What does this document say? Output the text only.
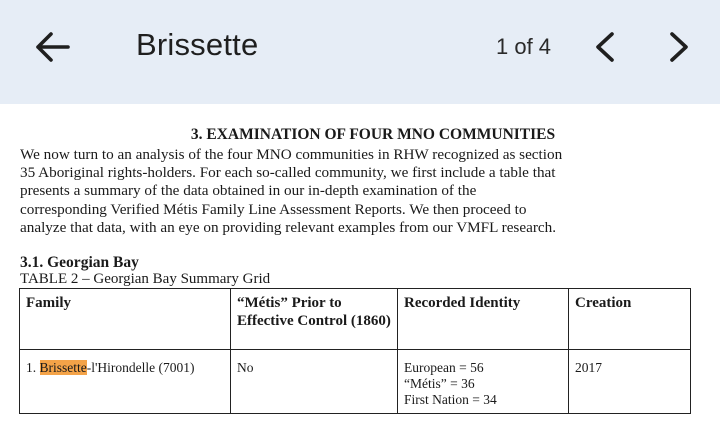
Brissette	1 of 4
3. EXAMINATION OF FOUR MNO COMMUNITIES
We now turn to an analysis of the four MNO communities in RHW recognized as section
35 Aboriginal rights-holders. For each so-called community, we first include a table that
presents a summary of the data obtained in our in-depth examination of the
corresponding Verified Métis Family Line Assessment Reports. We then proceed to
analyze that data, with an eye on providing relevant examples from our VMFL research.
3.1. Georgian Bay
TABLE 2 – Georgian Bay Summary Grid
Family	“Métis” Prior to Effective Control (1860)	Recorded Identity	Creation
1. Brissette-l'Hirondelle (7001)	No	European = 56
“Métis” = 36
First Nation = 34	2017
